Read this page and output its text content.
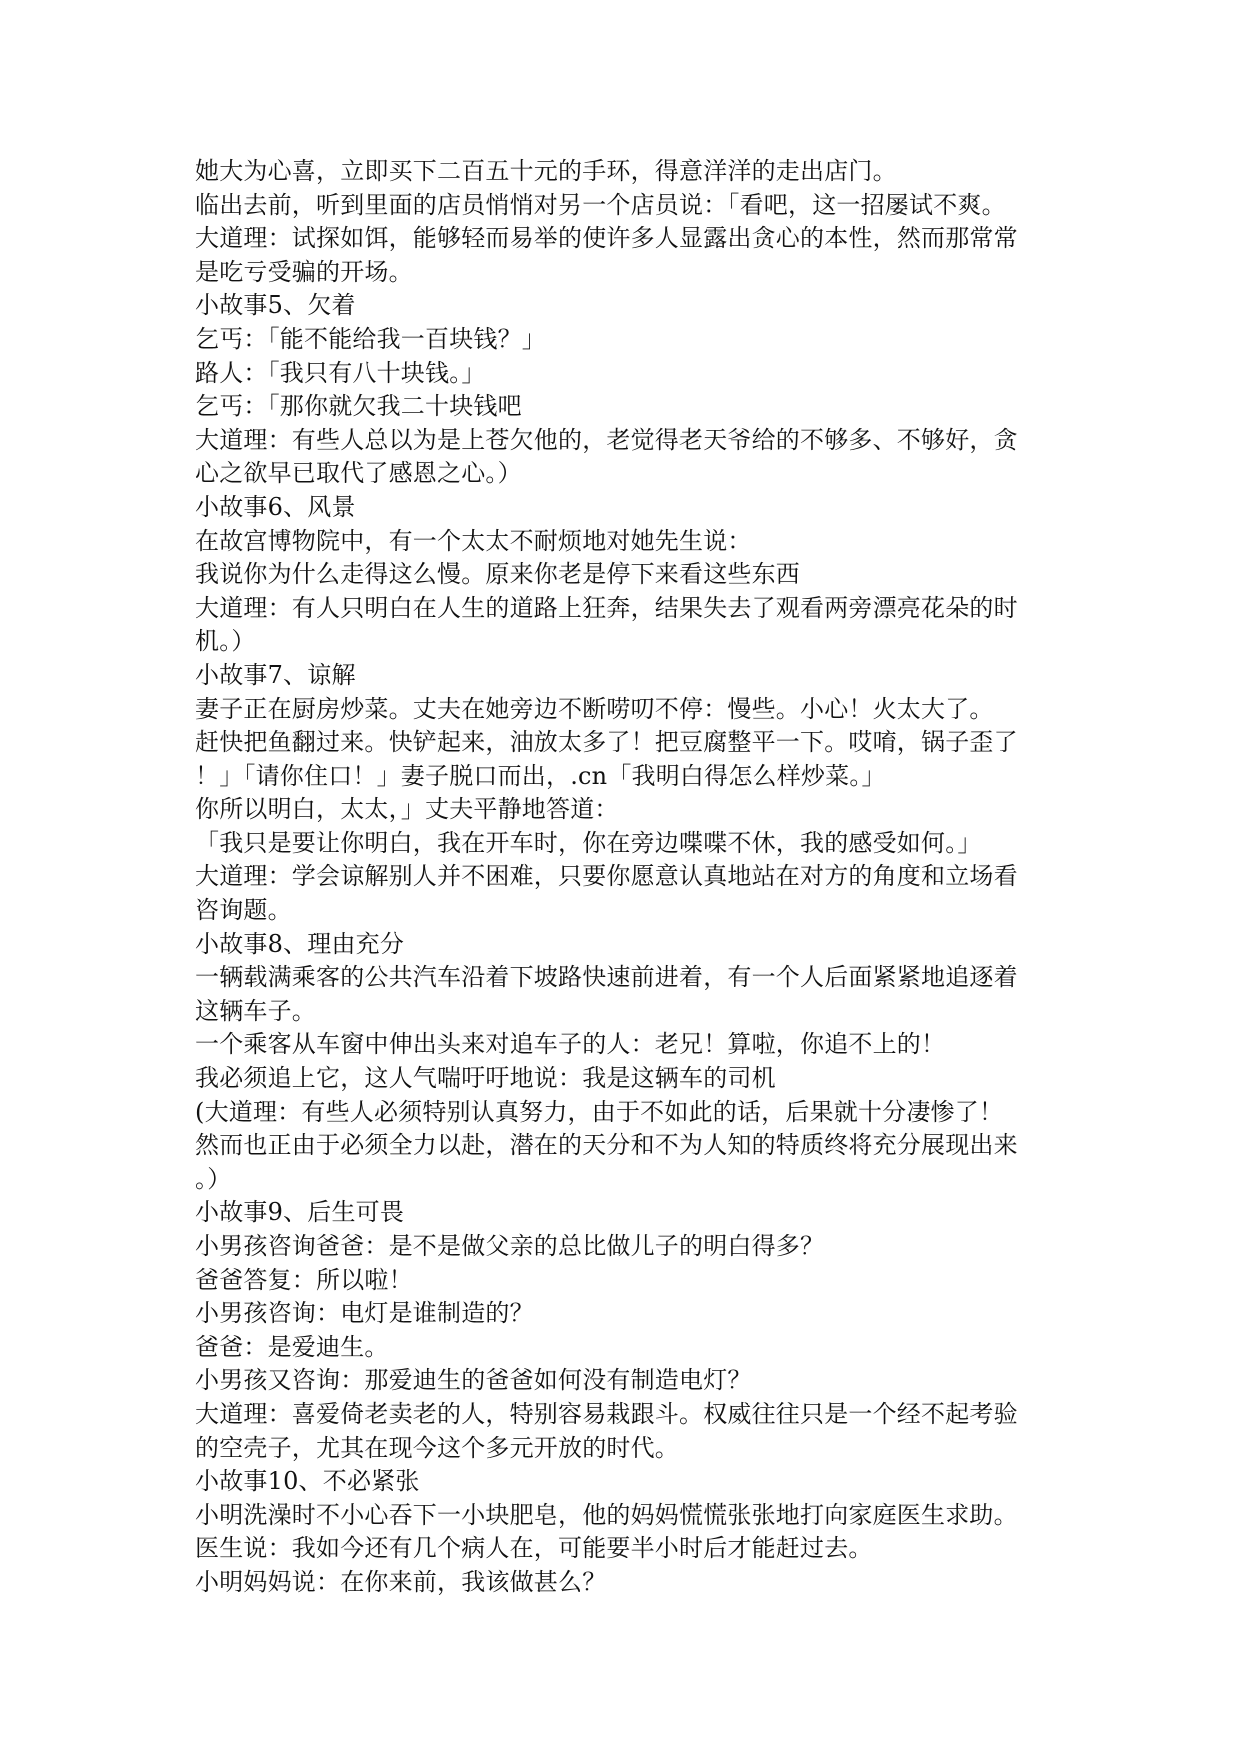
她大为心喜，立即买下二百五十元的手环，得意洋洋的走出店门。

临出去前，听到里面的店员悄悄对另一个店员说：「看吧，这一招屡试不爽。

大道理：试探如饵，能够轻而易举的使许多人显露出贪心的本性，然而那常常

是吃亏受骗的开场。

小故事5、欠着

乞丐：「能不能给我一百块钱？」

路人：「我只有八十块钱。」

乞丐：「那你就欠我二十块钱吧

大道理：有些人总以为是上苍欠他的，老觉得老天爷给的不够多、不够好，贪

心之欲早已取代了感恩之心。）

小故事6、风景

在故宫博物院中，有一个太太不耐烦地对她先生说：

我说你为什么走得这么慢。原来你老是停下来看这些东西

大道理：有人只明白在人生的道路上狂奔，结果失去了观看两旁漂亮花朵的时

机。）

小故事7、谅解

妻子正在厨房炒菜。丈夫在她旁边不断唠叨不停：慢些。小心！火太大了。

赶快把鱼翻过来。快铲起来，油放太多了！把豆腐整平一下。哎唷，锅子歪了

！」「请你住口！」妻子脱口而出，.cn「我明白得怎么样炒菜。」

你所以明白，太太，」丈夫平静地答道：

「我只是要让你明白，我在开车时，你在旁边喋喋不休，我的感受如何。」

大道理：学会谅解别人并不困难，只要你愿意认真地站在对方的角度和立场看

咨询题。

小故事8、理由充分

一辆载满乘客的公共汽车沿着下坡路快速前进着，有一个人后面紧紧地追逐着

这辆车子。

一个乘客从车窗中伸出头来对追车子的人：老兄！算啦，你追不上的！

我必须追上它，这人气喘吁吁地说：我是这辆车的司机

(大道理：有些人必须特别认真努力，由于不如此的话，后果就十分凄惨了！

然而也正由于必须全力以赴，潜在的天分和不为人知的特质终将充分展现出来

。）

小故事9、后生可畏

小男孩咨询爸爸：是不是做父亲的总比做儿子的明白得多？

爸爸答复：所以啦！

小男孩咨询：电灯是谁制造的？

爸爸：是爱迪生。

小男孩又咨询：那爱迪生的爸爸如何没有制造电灯？

大道理：喜爱倚老卖老的人，特别容易栽跟斗。权威往往只是一个经不起考验

的空壳子，尤其在现今这个多元开放的时代。

小故事10、不必紧张

小明洗澡时不小心吞下一小块肥皂，他的妈妈慌慌张张地打向家庭医生求助。

医生说：我如今还有几个病人在，可能要半小时后才能赶过去。

小明妈妈说：在你来前，我该做甚么？
